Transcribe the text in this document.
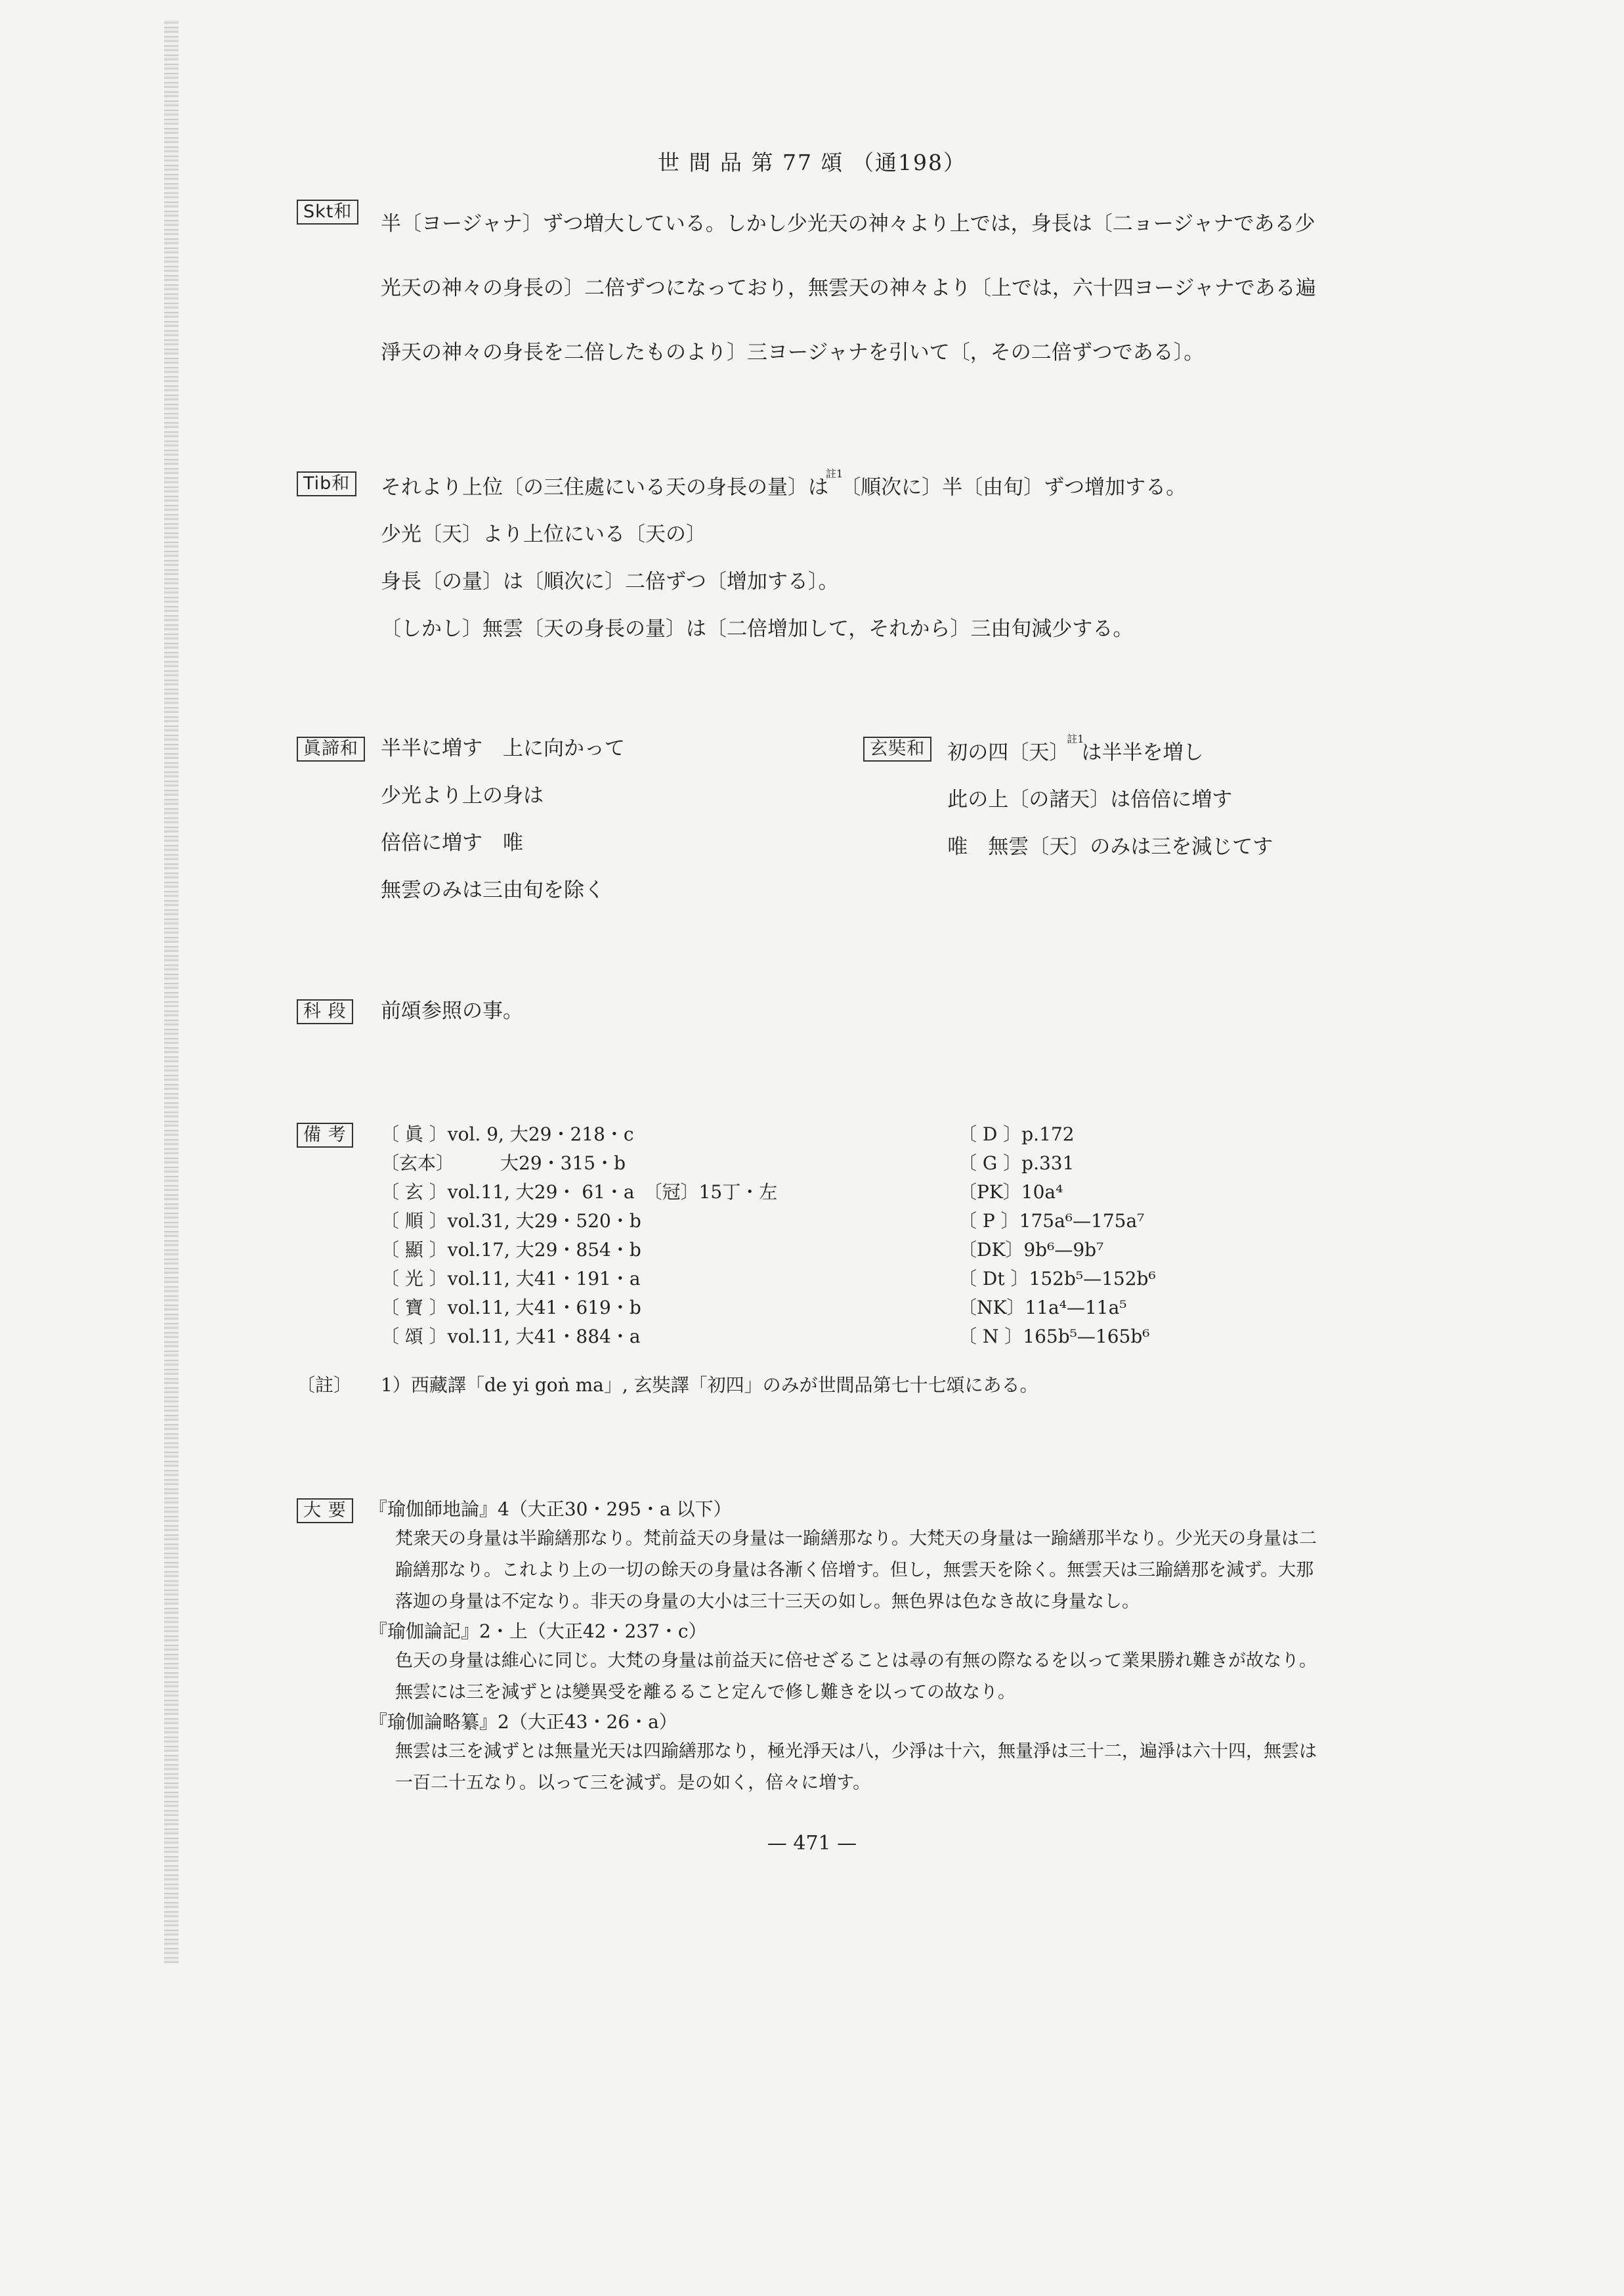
世 間 品 第 77 頌 （通198）
Skt和
半〔ヨージャナ〕ずつ増大している。しかし少光天の神々より上では，身長は〔二ョージャナである少
光天の神々の身長の〕二倍ずつになっており，無雲天の神々より〔上では，六十四ヨージャナである遍
淨天の神々の身長を二倍したものより〕三ヨージャナを引いて〔，その二倍ずつである〕。
Tib和	それより上位〔の三住處にいる天の身長の量〕は$^{註1}$〔順次に〕半〔由旬〕ずつ增加する。
少光〔天〕より上位にいる〔天の〕
身長〔の量〕は〔順次に〕二倍ずつ〔增加する〕。
〔しかし〕無雲〔天の身長の量〕は〔二倍增加して，それから〕三由旬減少する。
眞諦和	半半に増す　上に向かって
少光より上の身は
倍倍に増す　唯
無雲のみは三由旬を除く
玄奘和	初の四〔天〕$^{註1}$は半半を増し
此の上〔の諸天〕は倍倍に増す
唯　無雲〔天〕のみは三を減じてす
科 段	前頌参照の事。
備 考	〔 眞 〕vol. 9, 大29・218・c	〔 D 〕p.172
〔玄本〕　　　大29・315・b	〔 G 〕p.331
〔 玄 〕vol.11, 大29・ 61・a　〔冠〕15丁・左	〔PK〕10a⁴
〔 順 〕vol.31, 大29・520・b	〔 P 〕175a⁶—175a⁷
〔 顯 〕vol.17, 大29・854・b	〔DK〕9b⁶—9b⁷
〔 光 〕vol.11, 大41・191・a	〔 Dt 〕152b⁵—152b⁶
〔 寶 〕vol.11, 大41・619・b	〔NK〕11a⁴—11a⁵
〔 頌 〕vol.11, 大41・884・a	〔 N 〕165b⁵—165b⁶
〔註〕 1）西藏譯「de yi goṅ ma」, 玄奘譯「初四」のみが世間品第七十七頌にある。
大 要	『瑜伽師地論』4（大正30・295・a 以下）
梵衆天の身量は半踰繕那なり。梵前益天の身量は一踰繕那なり。大梵天の身量は一踰繕那半なり。少光天の身量は二
踰繕那なり。これより上の一切の餘天の身量は各漸く倍增す。但し，無雲天を除く。無雲天は三踰繕那を減ず。大那
落迦の身量は不定なり。非天の身量の大小は三十三天の如し。無色界は色なき故に身量なし。
『瑜伽論記』2・上（大正42・237・c）
色天の身量は維心に同じ。大梵の身量は前益天に倍せざることは尋の有無の際なるを以って業果勝れ難きが故なり。
無雲には三を減ずとは變異受を離るること定んで修し難きを以っての故なり。
『瑜伽論略纂』2（大正43・26・a）
無雲は三を減ずとは無量光天は四踰繕那なり，極光淨天は八，少淨は十六，無量淨は三十二，遍淨は六十四，無雲は
一百二十五なり。以って三を減ず。是の如く，倍々に増す。
— 471 —
